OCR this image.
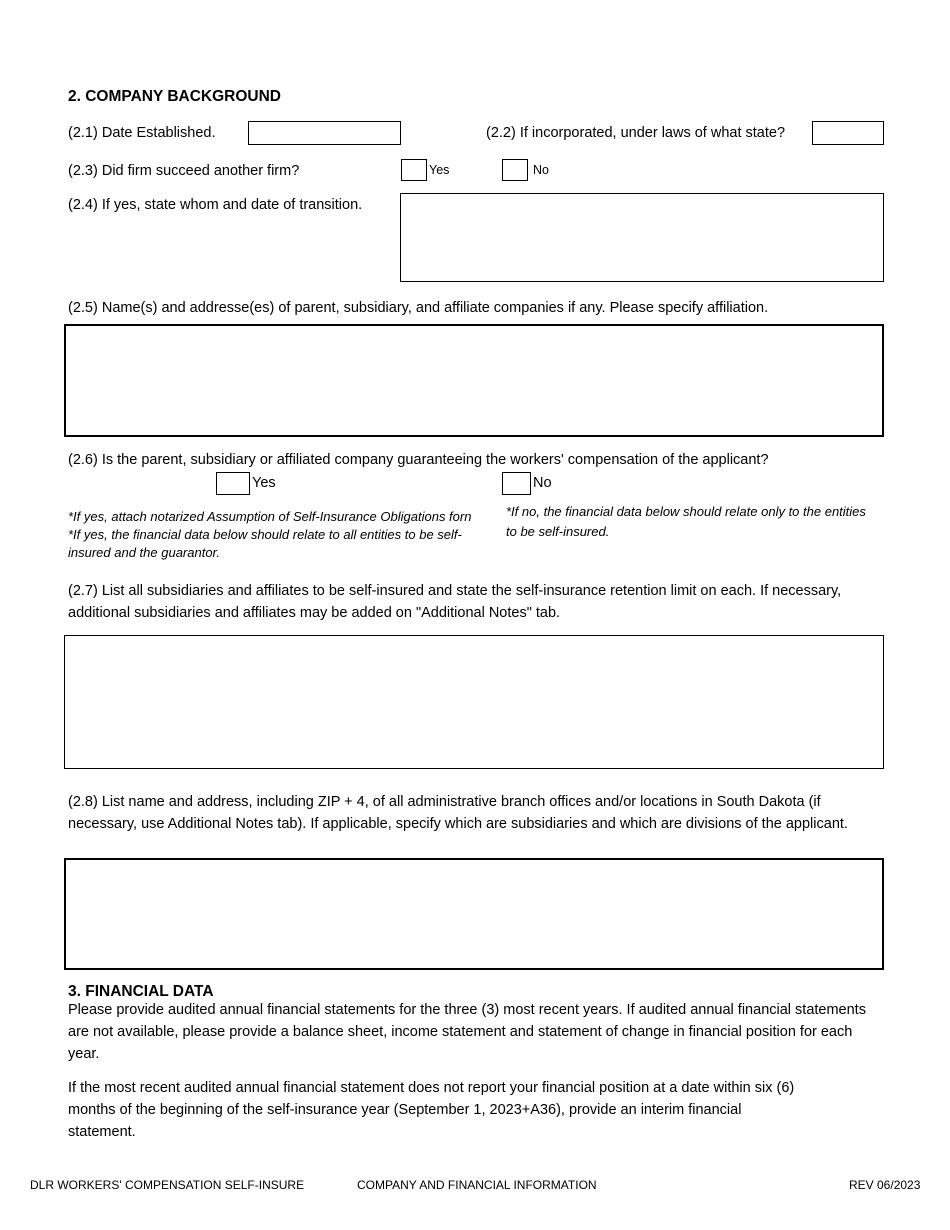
2. COMPANY BACKGROUND
(2.1) Date Established.	(2.2) If incorporated, under laws of what state?
(2.3) Did firm succeed another firm?	Yes	No
(2.4) If yes, state whom and date of transition.
(2.5) Name(s) and addresse(es) of parent, subsidiary, and affiliate companies if any. Please specify affiliation.
(2.6) Is the parent, subsidiary or affiliated company guaranteeing the workers' compensation of the applicant?
Yes	No
*If yes, attach notarized Assumption of Self-Insurance Obligations forn
*If yes, the financial data below should relate to all entities to be self-insured and the guarantor.
*If no, the financial data below should relate only to the entities to be self-insured.
(2.7) List all subsidiaries and affiliates to be self-insured and state the self-insurance retention limit on each. If necessary, additional subsidiaries and affiliates may be added on "Additional Notes" tab.
(2.8) List name and address, including ZIP + 4, of all administrative branch offices and/or locations in South Dakota (if necessary, use Additional Notes tab). If applicable, specify which are subsidiaries and which are divisions of the applicant.
3. FINANCIAL DATA
Please provide audited annual financial statements for the three (3) most recent years. If audited annual financial statements are not available, please provide a balance sheet, income statement and statement of change in financial position for each year.
If the most recent audited annual financial statement does not report your financial position at a date within six (6) months of the beginning of the self-insurance year (September 1, 2023+A36), provide an interim financial statement.
DLR WORKERS' COMPENSATION SELF-INSURE	COMPANY AND FINANCIAL INFORMATION	REV 06/2023
